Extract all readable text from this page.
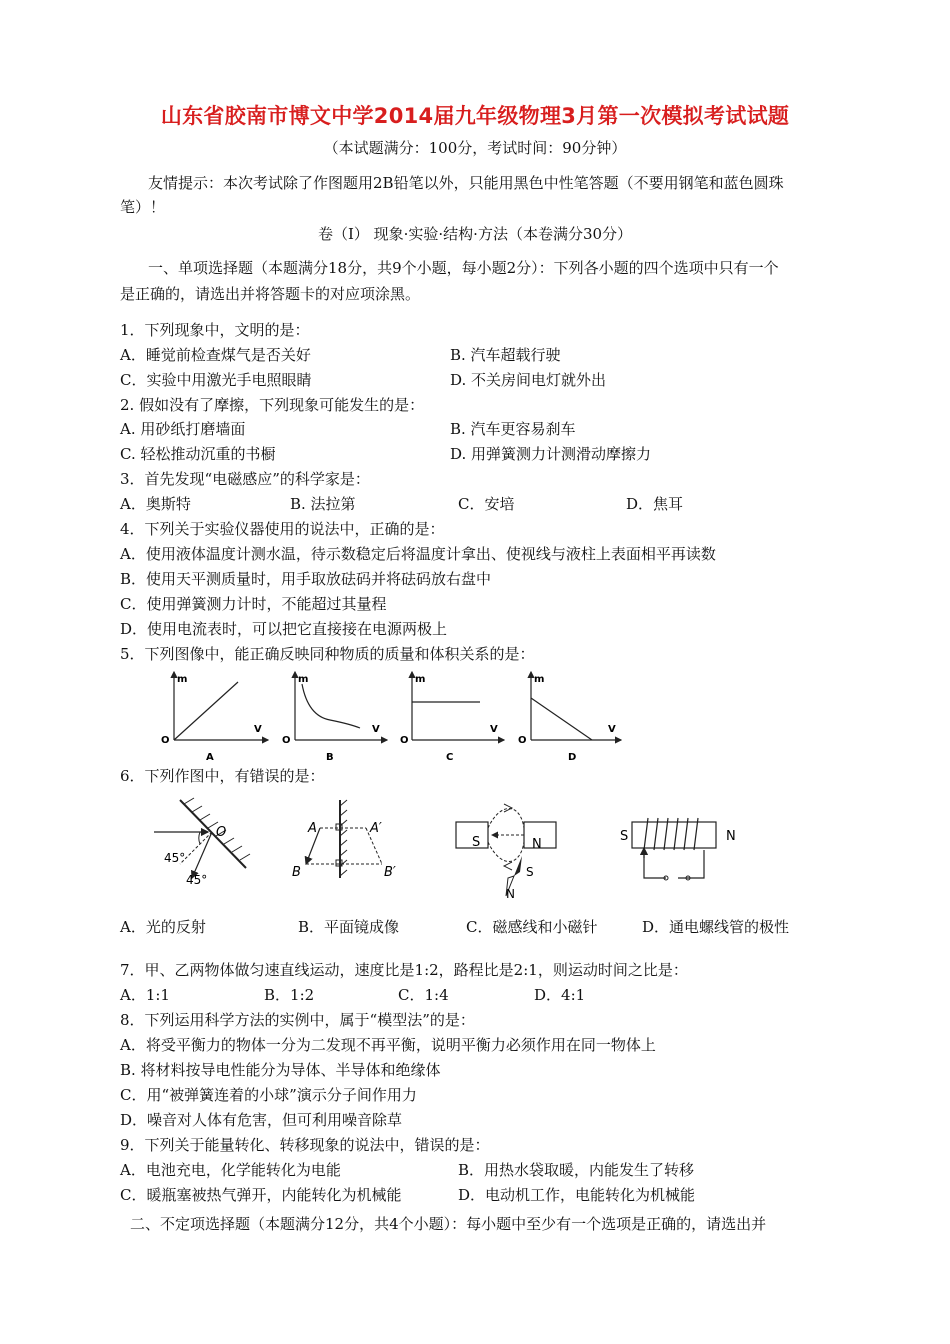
山东省胶南市博文中学2014届九年级物理3月第一次模拟考试试题
（本试题满分：100分，考试时间：90分钟）
友情提示：本次考试除了作图题用2B铅笔以外，只能用黑色中性笔答题（不要用钢笔和蓝色圆珠
笔）！
卷（I） 现象·实验·结构·方法（本卷满分30分）
一、单项选择题（本题满分18分，共9个小题，每小题2分）：下列各小题的四个选项中只有一个
是正确的，请选出并将答题卡的对应项涂黑。
1．下列现象中，文明的是：
A．睡觉前检查煤气是否关好	B. 汽车超载行驶
C．实验中用激光手电照眼睛	D. 不关房间电灯就外出
2. 假如没有了摩擦，下列现象可能发生的是：
A. 用砂纸打磨墙面	B. 汽车更容易刹车
C. 轻松推动沉重的书橱	D. 用弹簧测力计测滑动摩擦力
3．首先发现“电磁感应”的科学家是：
A．奥斯特	B. 法拉第	C．安培	D．焦耳
4．下列关于实验仪器使用的说法中，正确的是：
A．使用液体温度计测水温，待示数稳定后将温度计拿出、使视线与液柱上表面相平再读数
B．使用天平测质量时，用手取放砝码并将砝码放右盘中
C．使用弹簧测力计时，不能超过其量程
D．使用电流表时，可以把它直接接在电源两极上
5．下列图像中，能正确反映同种物质的质量和体积关系的是：
m
V
O
A
m
V
O
B
m
V
O
C
m
V
O
D
6．下列作图中，有错误的是：
O
45°
45°
A	A′
B	B′
S	N
S
N
S	N
A．光的反射	B．平面镜成像	C．磁感线和小磁针	D．通电螺线管的极性
7．甲、乙两物体做匀速直线运动，速度比是1:2，路程比是2:1，则运动时间之比是：
A．1:1	B．1:2	C．1:4	D．4:1
8．下列运用科学方法的实例中，属于“模型法”的是：
A．将受平衡力的物体一分为二发现不再平衡，说明平衡力必须作用在同一物体上
B. 将材料按导电性能分为导体、半导体和绝缘体
C．用“被弹簧连着的小球”演示分子间作用力
D．噪音对人体有危害，但可利用噪音除草
9．下列关于能量转化、转移现象的说法中，错误的是：
A．电池充电，化学能转化为电能	B．用热水袋取暖，内能发生了转移
C．暖瓶塞被热气弹开，内能转化为机械能	D．电动机工作，电能转化为机械能
二、不定项选择题（本题满分12分，共4个小题）：每小题中至少有一个选项是正确的，请选出并
